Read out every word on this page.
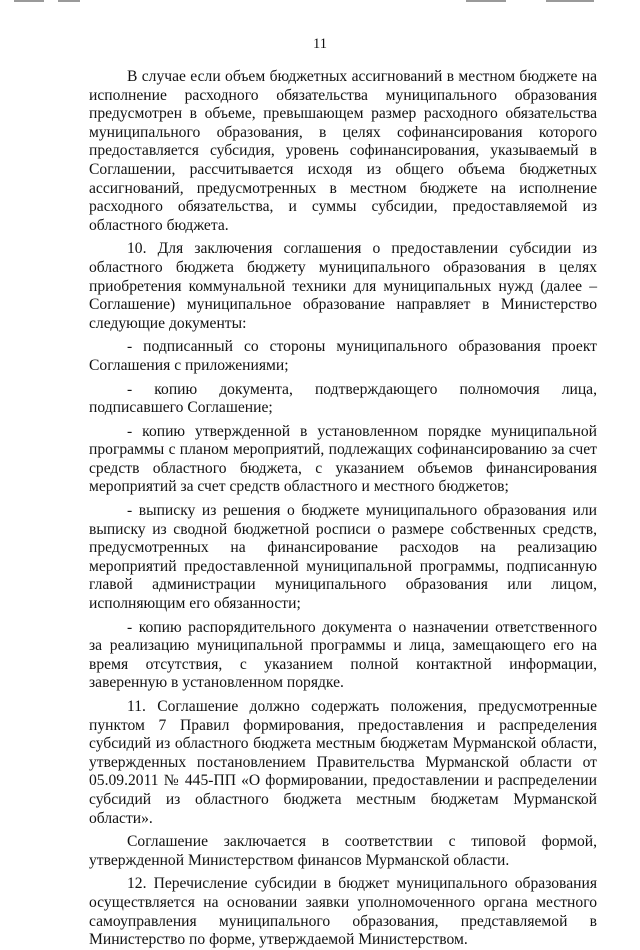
11

В случае если объем бюджетных ассигнований в местном бюджете на исполнение расходного обязательства муниципального образования предусмотрен в объеме, превышающем размер расходного обязательства муниципального образования, в целях софинансирования которого предоставляется субсидия, уровень софинансирования, указываемый в Соглашении, рассчитывается исходя из общего объема бюджетных ассигнований, предусмотренных в местном бюджете на исполнение расходного обязательства, и суммы субсидии, предоставляемой из областного бюджета.

10. Для заключения соглашения о предоставлении субсидии из областного бюджета бюджету муниципального образования в целях приобретения коммунальной техники для муниципальных нужд (далее – Соглашение) муниципальное образование направляет в Министерство следующие документы:

- подписанный со стороны муниципального образования проект Соглашения с приложениями;

- копию документа, подтверждающего полномочия лица, подписавшего Соглашение;

- копию утвержденной в установленном порядке муниципальной программы с планом мероприятий, подлежащих софинансированию за счет средств областного бюджета, с указанием объемов финансирования мероприятий за счет средств областного и местного бюджетов;

- выписку из решения о бюджете муниципального образования или выписку из сводной бюджетной росписи о размере собственных средств, предусмотренных на финансирование расходов на реализацию мероприятий предоставленной муниципальной программы, подписанную главой администрации муниципального образования или лицом, исполняющим его обязанности;

- копию распорядительного документа о назначении ответственного за реализацию муниципальной программы и лица, замещающего его на время отсутствия, с указанием полной контактной информации, заверенную в установленном порядке.

11. Соглашение должно содержать положения, предусмотренные пунктом 7 Правил формирования, предоставления и распределения субсидий из областного бюджета местным бюджетам Мурманской области, утвержденных постановлением Правительства Мурманской области от 05.09.2011 № 445-ПП «О формировании, предоставлении и распределении субсидий из областного бюджета местным бюджетам Мурманской области».

Соглашение заключается в соответствии с типовой формой, утвержденной Министерством финансов Мурманской области.

12. Перечисление субсидии в бюджет муниципального образования осуществляется на основании заявки уполномоченного органа местного самоуправления муниципального образования, представляемой в Министерство по форме, утверждаемой Министерством.
